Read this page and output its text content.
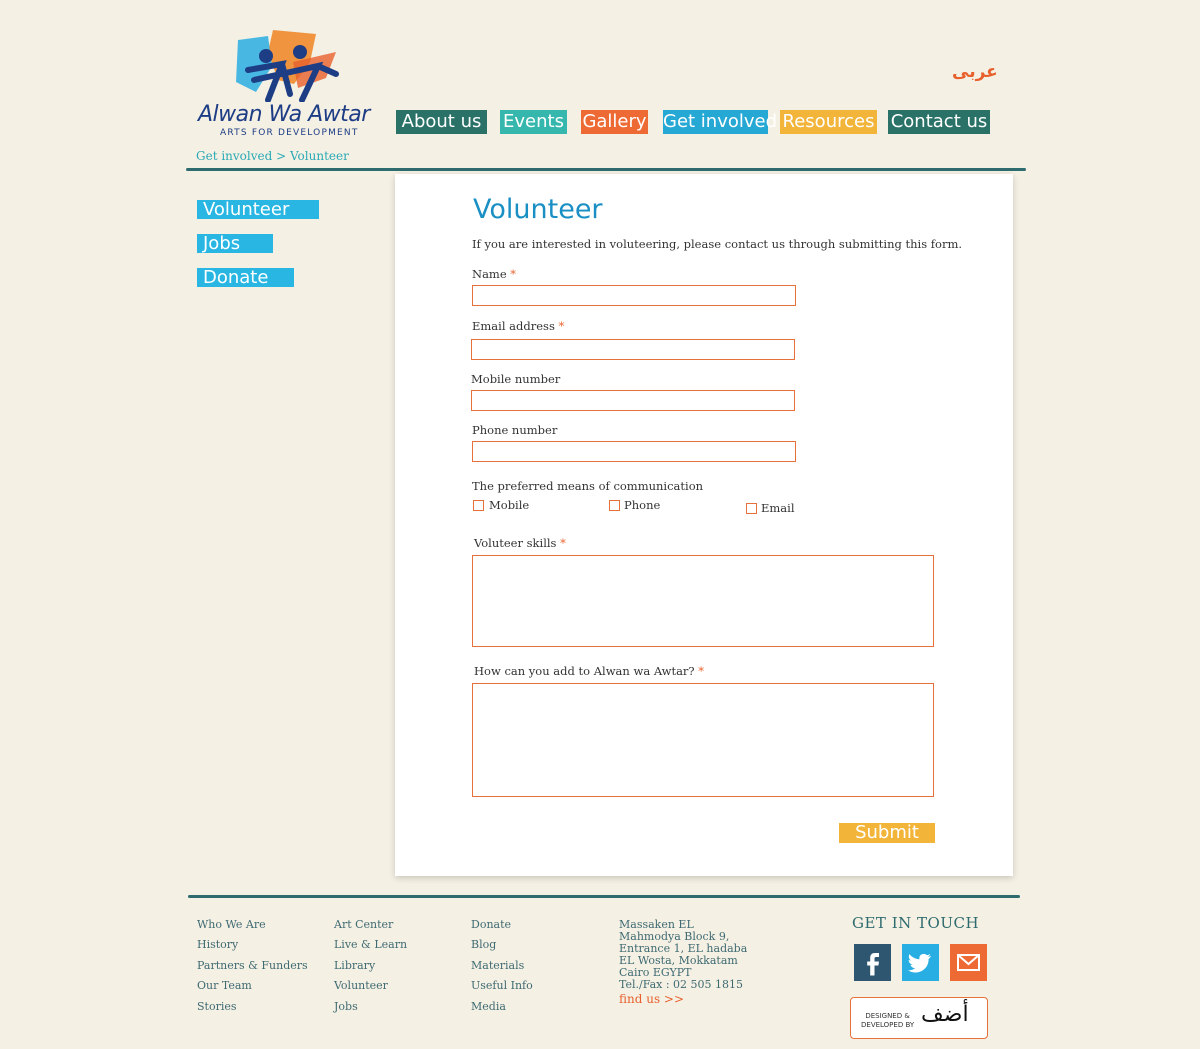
Alwan Wa Awtar
ARTS FOR DEVELOPMENT
عربى
About us	Events Gallery Get involved Resources Contact us
Get involved > Volunteer
Volunteer
Jobs
Donate
Volunteer
If you are interested in voluteering, please contact us through submitting this form.
Name *
Email address *
Mobile number
Phone number
The preferred means of communication
Mobile	Phone	Email
Voluteer skills *
How can you add to Alwan wa Awtar? *
Submit
Who We Are
History
Partners & Funders
Our Team
Stories
Art Center
Live & Learn
Library
Volunteer
Jobs
Donate
Blog
Materials
Useful Info
Media
Massaken EL
Mahmodya Block 9,
Entrance 1, EL hadaba
EL Wosta, Mokkatam
Cairo EGYPT
Tel./Fax : 02 505 1815
find us >>
GET IN TOUCH
DESIGNED &
DEVELOPED BY أضف
